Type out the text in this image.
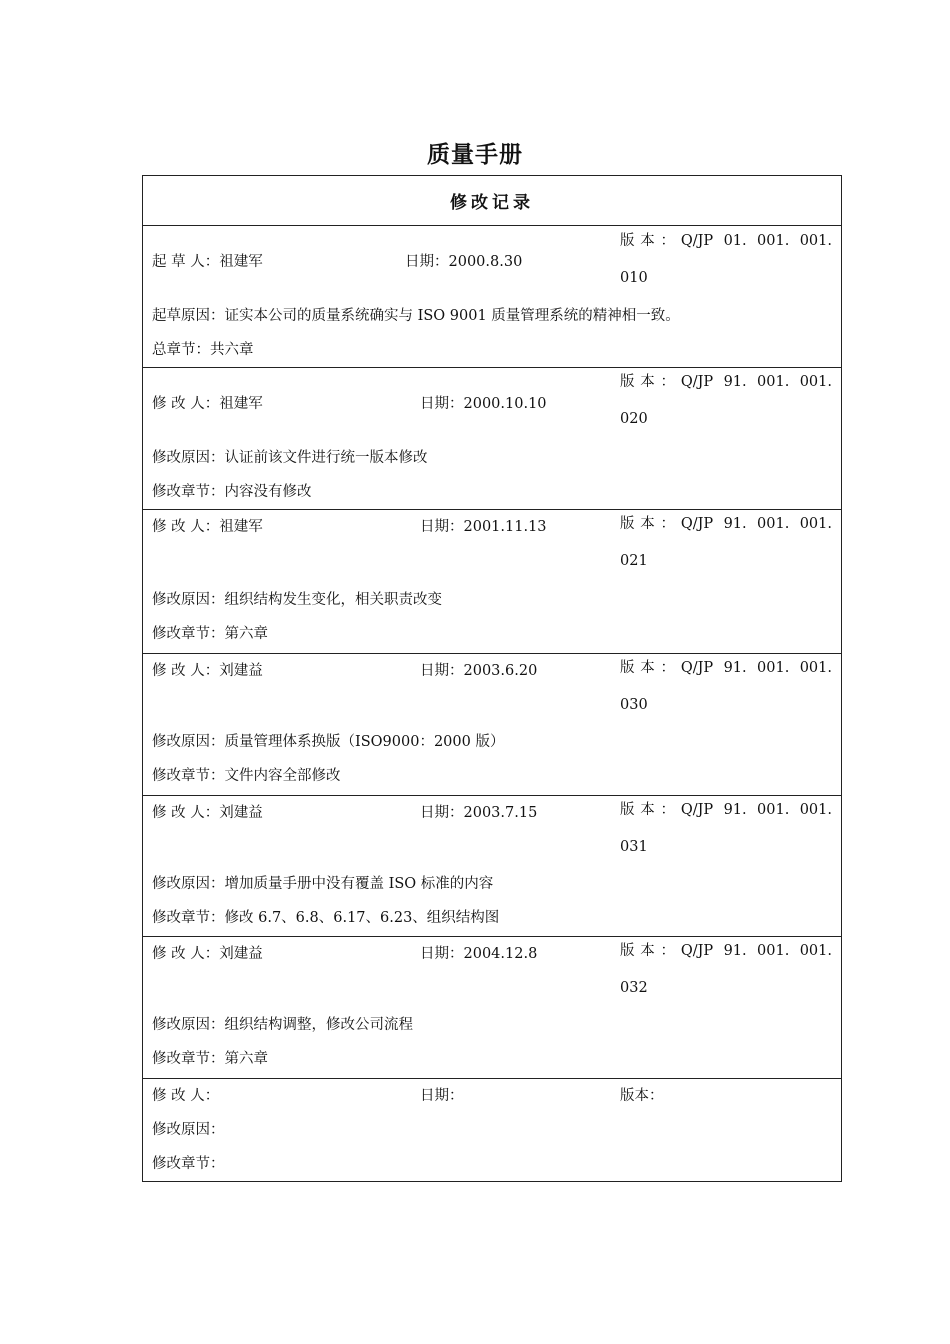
质量手册
修改记录
起 草 人：祖建军	日期：2000.8.30
版本：Q/JP 01. 001. 001.
010
起草原因：证实本公司的质量系统确实与 ISO 9001 质量管理系统的精神相一致。
总章节：共六章
修 改 人：祖建军	日期：2000.10.10
版本：Q/JP 91. 001. 001.
020
修改原因：认证前该文件进行统一版本修改
修改章节：内容没有修改
修 改 人：祖建军	日期：2001.11.13	版本：Q/JP 91. 001. 001.
021
修改原因：组织结构发生变化，相关职责改变
修改章节：第六章
修 改 人：刘建益	日期：2003.6.20	版本：Q/JP 91. 001. 001.
030
修改原因：质量管理体系换版（ISO9000：2000 版）
修改章节：文件内容全部修改
修 改 人：刘建益	日期：2003.7.15	版本：Q/JP 91. 001. 001.
031
修改原因：增加质量手册中没有覆盖 ISO 标准的内容
修改章节：修改 6.7、6.8、6.17、6.23、组织结构图
修 改 人：刘建益	日期：2004.12.8	版本：Q/JP 91. 001. 001.
032
修改原因：组织结构调整，修改公司流程
修改章节：第六章
修 改 人：	日期：	版本：
修改原因：
修改章节：
